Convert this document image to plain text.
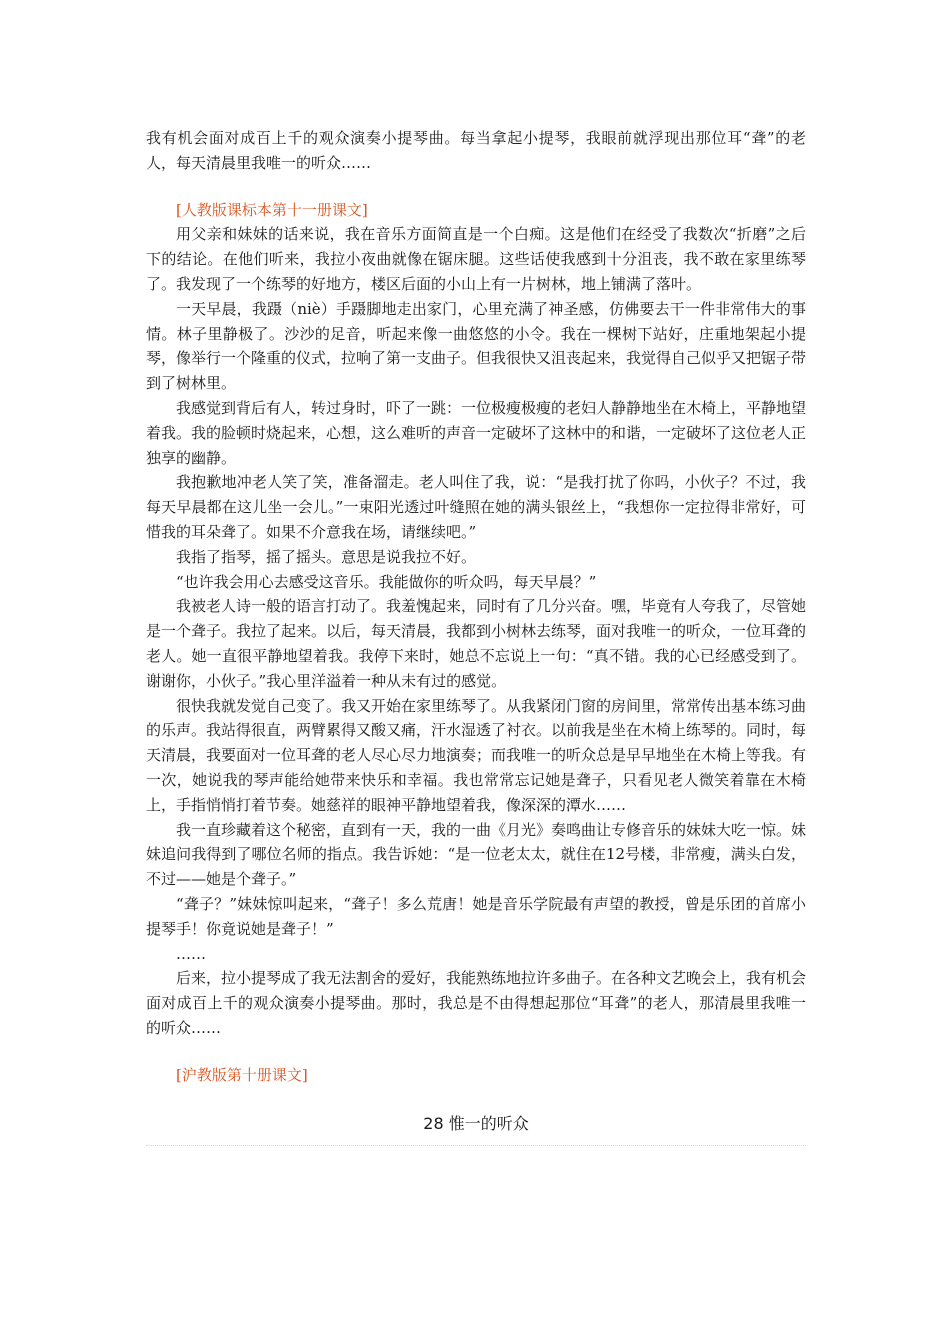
我有机会面对成百上千的观众演奏小提琴曲。每当拿起小提琴，我眼前就浮现出那位耳“聋”的老人，每天清晨里我唯一的听众……

[人教版课标本第十一册课文]

用父亲和妹妹的话来说，我在音乐方面简直是一个白痴。这是他们在经受了我数次“折磨”之后下的结论。在他们听来，我拉小夜曲就像在锯床腿。这些话使我感到十分沮丧，我不敢在家里练琴了。我发现了一个练琴的好地方，楼区后面的小山上有一片树林，地上铺满了落叶。

一天早晨，我蹑（niè）手蹑脚地走出家门，心里充满了神圣感，仿佛要去干一件非常伟大的事情。林子里静极了。沙沙的足音，听起来像一曲悠悠的小令。我在一棵树下站好，庄重地架起小提琴，像举行一个隆重的仪式，拉响了第一支曲子。但我很快又沮丧起来，我觉得自己似乎又把锯子带到了树林里。

我感觉到背后有人，转过身时，吓了一跳：一位极瘦极瘦的老妇人静静地坐在木椅上，平静地望着我。我的脸顿时烧起来，心想，这么难听的声音一定破坏了这林中的和谐，一定破坏了这位老人正独享的幽静。

我抱歉地冲老人笑了笑，准备溜走。老人叫住了我，说：“是我打扰了你吗，小伙子？不过，我每天早晨都在这儿坐一会儿。”一束阳光透过叶缝照在她的满头银丝上，“我想你一定拉得非常好，可惜我的耳朵聋了。如果不介意我在场，请继续吧。”

我指了指琴，摇了摇头。意思是说我拉不好。

“也许我会用心去感受这音乐。我能做你的听众吗，每天早晨？”

我被老人诗一般的语言打动了。我羞愧起来，同时有了几分兴奋。嘿，毕竟有人夸我了，尽管她是一个聋子。我拉了起来。以后，每天清晨，我都到小树林去练琴，面对我唯一的听众，一位耳聋的老人。她一直很平静地望着我。我停下来时，她总不忘说上一句：“真不错。我的心已经感受到了。谢谢你，小伙子。”我心里洋溢着一种从未有过的感觉。

很快我就发觉自己变了。我又开始在家里练琴了。从我紧闭门窗的房间里，常常传出基本练习曲的乐声。我站得很直，两臂累得又酸又痛，汗水湿透了衬衣。以前我是坐在木椅上练琴的。同时，每天清晨，我要面对一位耳聋的老人尽心尽力地演奏；而我唯一的听众总是早早地坐在木椅上等我。有一次，她说我的琴声能给她带来快乐和幸福。我也常常忘记她是聋子，只看见老人微笑着靠在木椅上，手指悄悄打着节奏。她慈祥的眼神平静地望着我，像深深的潭水……

我一直珍藏着这个秘密，直到有一天，我的一曲《月光》奏鸣曲让专修音乐的妹妹大吃一惊。妹妹追问我得到了哪位名师的指点。我告诉她：“是一位老太太，就住在12号楼，非常瘦，满头白发，不过——她是个聋子。”

“聋子？”妹妹惊叫起来，“聋子！多么荒唐！她是音乐学院最有声望的教授，曾是乐团的首席小提琴手！你竟说她是聋子！”

……

后来，拉小提琴成了我无法割舍的爱好，我能熟练地拉许多曲子。在各种文艺晚会上，我有机会面对成百上千的观众演奏小提琴曲。那时，我总是不由得想起那位“耳聋”的老人，那清晨里我唯一的听众……

[沪教版第十册课文]

28 惟一的听众
